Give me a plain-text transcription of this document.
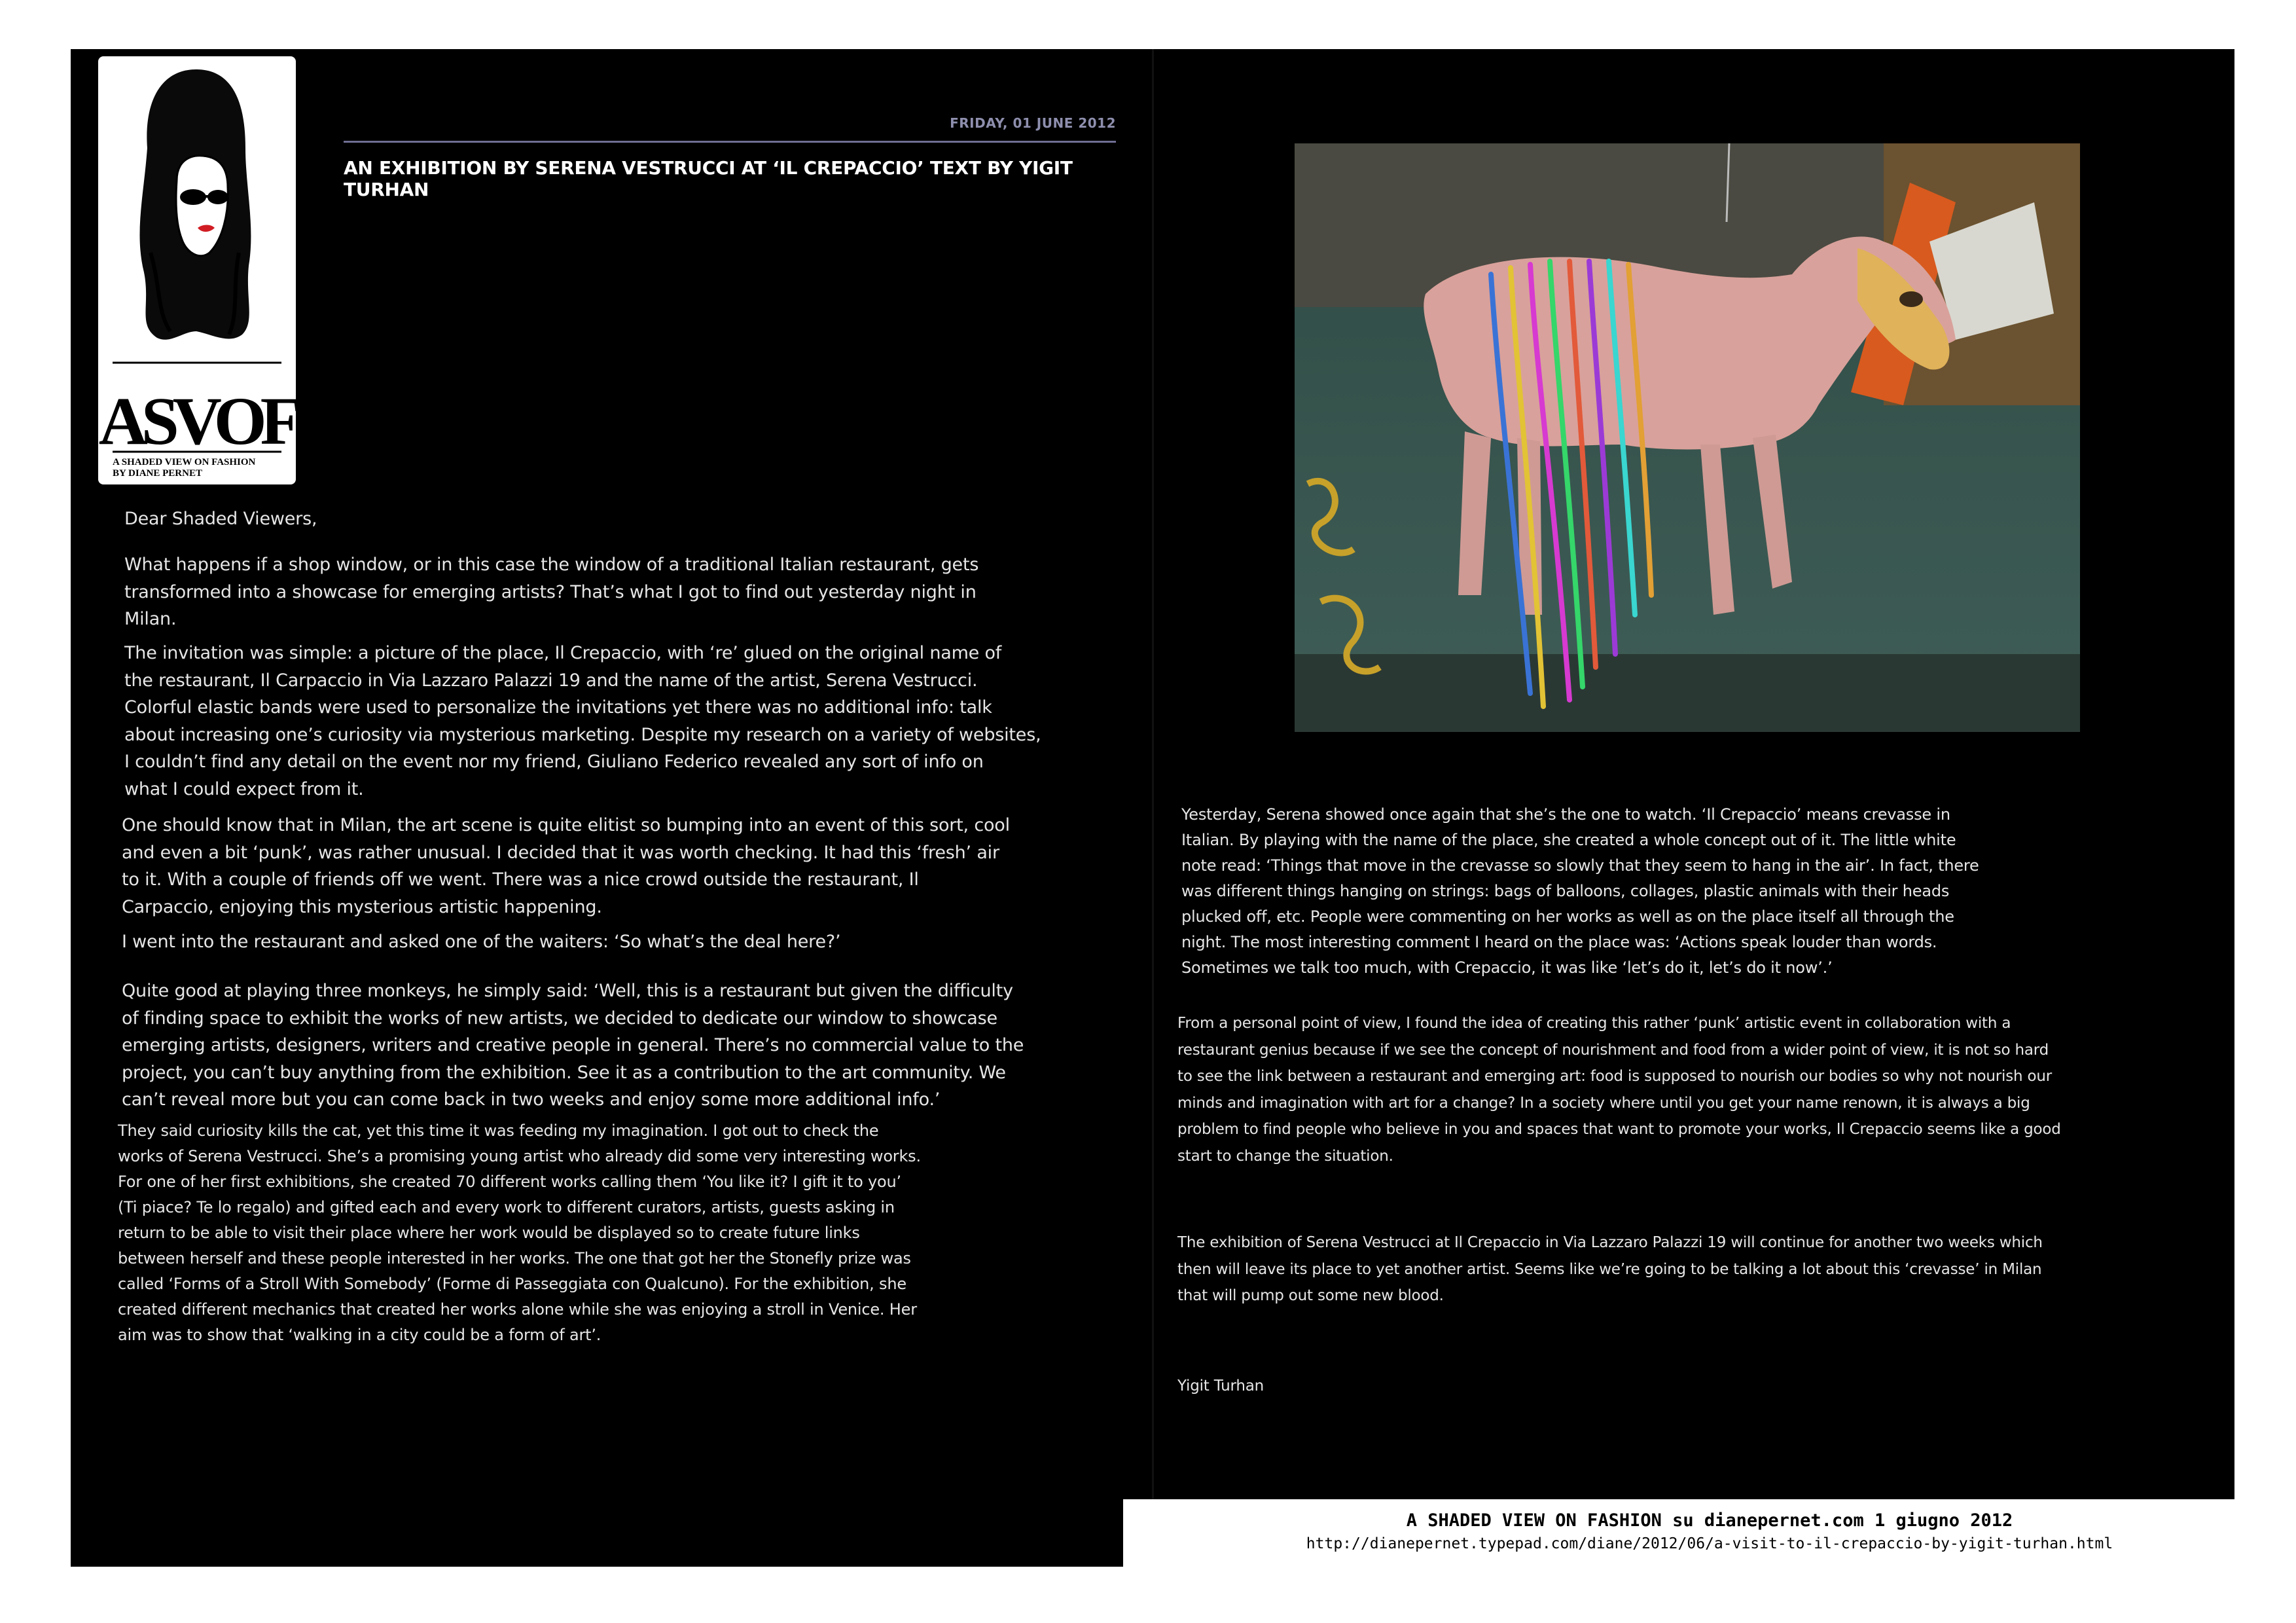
ASVOF
A SHADED VIEW ON FASHION
BY DIANE PERNET
FRIDAY, 01 JUNE 2012
AN EXHIBITION BY SERENA VESTRUCCI AT ‘IL CREPACCIO’ TEXT BY YIGIT TURHAN
Dear Shaded Viewers,
What happens if a shop window, or in this case the window of a traditional Italian restaurant, gets
transformed into a showcase for emerging artists? That’s what I got to find out yesterday night in
Milan.
The invitation was simple: a picture of the place, Il Crepaccio, with ‘re’ glued on the original name of
the restaurant, Il Carpaccio in Via Lazzaro Palazzi 19 and the name of the artist, Serena Vestrucci.
Colorful elastic bands were used to personalize the invitations yet there was no additional info: talk
about increasing one’s curiosity via mysterious marketing. Despite my research on a variety of websites,
I couldn’t find any detail on the event nor my friend, Giuliano Federico revealed any sort of info on
what I could expect from it.
One should know that in Milan, the art scene is quite elitist so bumping into an event of this sort, cool
and even a bit ‘punk’, was rather unusual. I decided that it was worth checking. It had this ‘fresh’ air
to it. With a couple of friends off we went. There was a nice crowd outside the restaurant, Il
Carpaccio, enjoying this mysterious artistic happening.
I went into the restaurant and asked one of the waiters: ‘So what’s the deal here?’
Quite good at playing three monkeys, he simply said: ‘Well, this is a restaurant but given the difficulty
of finding space to exhibit the works of new artists, we decided to dedicate our window to showcase
emerging artists, designers, writers and creative people in general. There’s no commercial value to the
project, you can’t buy anything from the exhibition. See it as a contribution to the art community. We
can’t reveal more but you can come back in two weeks and enjoy some more additional info.’
They said curiosity kills the cat, yet this time it was feeding my imagination. I got out to check the
works of Serena Vestrucci. She’s a promising young artist who already did some very interesting works.
For one of her first exhibitions, she created 70 different works calling them ‘You like it? I gift it to you’
(Ti piace? Te lo regalo) and gifted each and every work to different curators, artists, guests asking in
return to be able to visit their place where her work would be displayed so to create future links
between herself and these people interested in her works. The one that got her the Stonefly prize was
called ‘Forms of a Stroll With Somebody’ (Forme di Passeggiata con Qualcuno). For the exhibition, she
created different mechanics that created her works alone while she was enjoying a stroll in Venice. Her
aim was to show that ‘walking in a city could be a form of art’.
Yesterday, Serena showed once again that she’s the one to watch. ‘Il Crepaccio’ means crevasse in
Italian. By playing with the name of the place, she created a whole concept out of it. The little white
note read: ‘Things that move in the crevasse so slowly that they seem to hang in the air’. In fact, there
was different things hanging on strings: bags of balloons, collages, plastic animals with their heads
plucked off, etc. People were commenting on her works as well as on the place itself all through the
night. The most interesting comment I heard on the place was: ‘Actions speak louder than words.
Sometimes we talk too much, with Crepaccio, it was like ‘let’s do it, let’s do it now’.’
From a personal point of view, I found the idea of creating this rather ‘punk’ artistic event in collaboration with a
restaurant genius because if we see the concept of nourishment and food from a wider point of view, it is not so hard
to see the link between a restaurant and emerging art: food is supposed to nourish our bodies so why not nourish our
minds and imagination with art for a change? In a society where until you get your name renown, it is always a big
problem to find people who believe in you and spaces that want to promote your works, Il Crepaccio seems like a good
start to change the situation.
The exhibition of Serena Vestrucci at Il Crepaccio in Via Lazzaro Palazzi 19 will continue for another two weeks which
then will leave its place to yet another artist. Seems like we’re going to be talking a lot about this ‘crevasse’ in Milan
that will pump out some new blood.
Yigit Turhan
A SHADED VIEW ON FASHION su dianepernet.com 1 giugno 2012
http://dianepernet.typepad.com/diane/2012/06/a-visit-to-il-crepaccio-by-yigit-turhan.html
